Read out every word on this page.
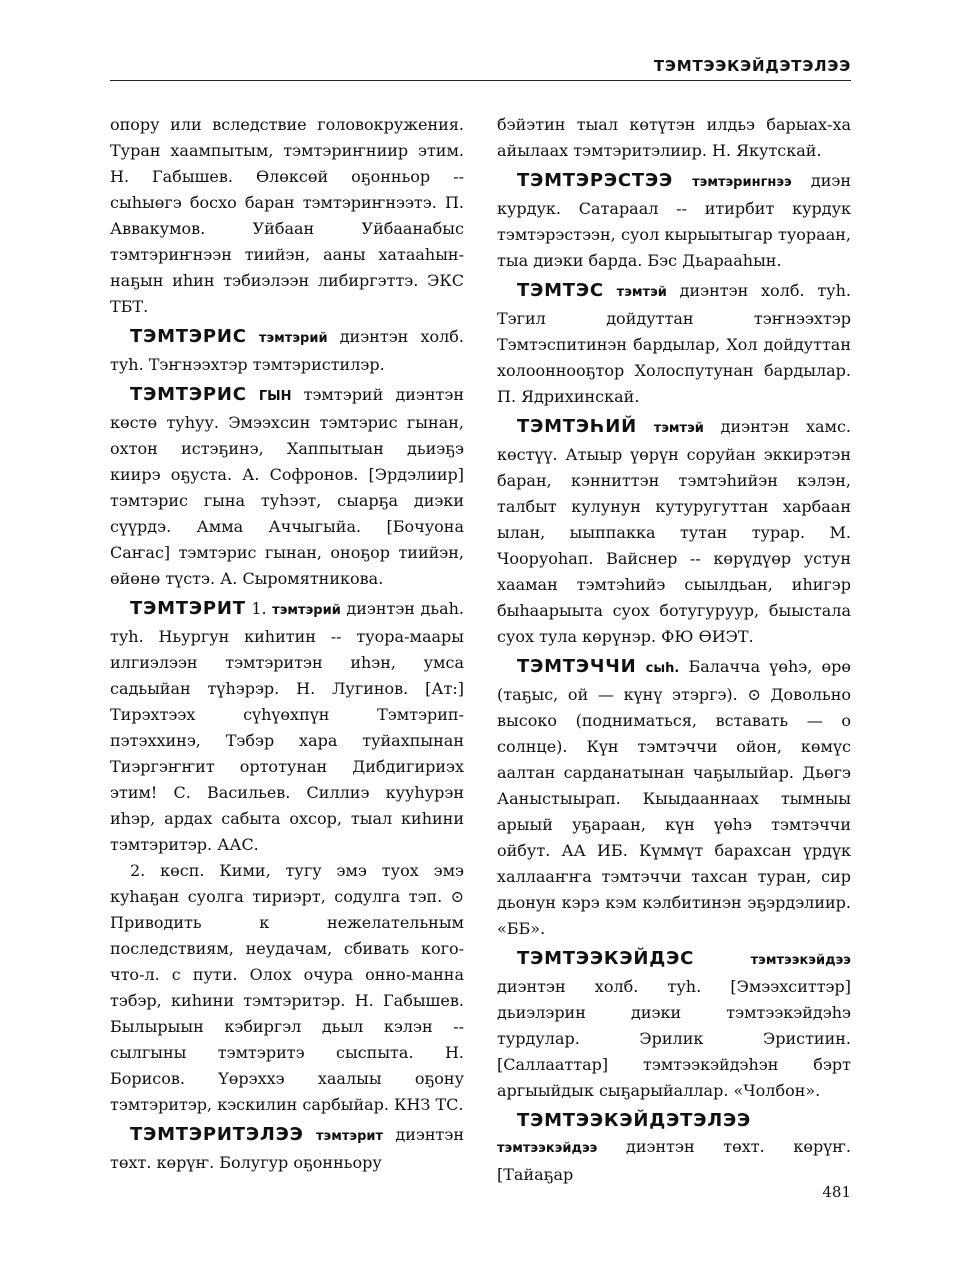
ТЭМТЭЭКЭЙДЭТЭЛЭЭ

опору или вследствие головокружения. Туран хаампытым, тэмтэриҥниир этим. Н. Габышев. Өлөксөй оҕонньор -- сыһыөгэ босхо баран тэмтэриҥнээтэ. П. Аввакумов. Уйбаан Уйбаанабыс тэмтэриҥнээн тиийэн, ааны хатааһын-наҕын иһин тэбиэлээн либиргэттэ. ЭКС ТБТ.

ТЭМТЭРИС тэмтэрий диэнтэн холб. туһ. Тэҥнээхтэр тэмтэристилэр.

ТЭМТЭРИС ГЫН тэмтэрий диэнтэн көстө туһуу. Эмээхсин тэмтэрис гынан, охтон истэҕинэ, Хаппытыан дьиэҕэ киирэ оҕуста. А. Софронов. [Эрдэлиир] тэмтэрис гына туһээт, сыарҕа диэки сүүрдэ. Амма Аччыгыйа. [Бочуона Саҥас] тэмтэрис гынан, оноҕор тиийэн, өйөнө түстэ. А. Сыромятникова.

ТЭМТЭРИТ 1. тэмтэрий диэнтэн дьаһ. туһ. Ньургун киһитин -- туора-маары илгиэлээн тэмтэритэн иһэн, умса садьыйан түһэрэр. Н. Лугинов. [Ат:] Тирэхтээх сүһүөхпүн Тэмтэрип-пэтэххинэ, Тэбэр хара туйахпынан Тиэргэҥҥит ортотунан Дибдигириэх этим! С. Васильев. Силлиэ кууһурэн иһэр, ардах сабыта охсор, тыал киһини тэмтэритэр. ААС.

2. көсп. Кими, тугу эмэ туох эмэ куһаҕан суолга тириэрт, содулга тэп. ⊙ Приводить к нежелательным последствиям, неудачам, сбивать кого-что-л. с пути. Олох очура онно-манна тэбэр, киһини тэмтэритэр. Н. Габышев. Былырыын кэбиргэл дьыл кэлэн -- сылгыны тэмтэритэ сыспыта. Н. Борисов. Үөрэххэ хаалыы оҕону тэмтэритэр, кэскилин сарбыйар. КНЗ ТС.

ТЭМТЭРИТЭЛЭЭ тэмтэрит диэнтэн төхт. көрүҥ. Болугур оҕонньору

бэйэтин тыал көтүтэн илдьэ барыах-ха айылаах тэмтэритэлиир. Н. Якутскай.

ТЭМТЭРЭСТЭЭ тэмтэрингнээ диэн курдук. Сатараал -- итирбит курдук тэмтэрэстээн, суол кырыытыгар туораан, тыа диэки барда. Бэс Дьарааһын.

ТЭМТЭС тэмтэй диэнтэн холб. туһ. Тэгил дойдуттан тэҥнээхтэр Тэмтэспитинэн бардылар, Хол дойдуттан холооннооҕтор Холоспутунан бардылар. П. Ядрихинскай.

ТЭМТЭҺИЙ тэмтэй диэнтэн хамс. көстүү. Атыыр үөрүн соруйан эккирэтэн баран, кэнниттэн тэмтэһийэн кэлэн, талбыт кулунун кутуругуттан харбаан ылан, ыыппакка тутан турар. М. Чооруоһап. Вайснер -- көрүдүөр устун хааман тэмтэһийэ сыылдьан, иһигэр быһаарыыта суох ботугуруур, быыстала суох тула көрүнэр. ФЮ ӨИЭТ.

ТЭМТЭЧЧИ сыһ. Балачча үөһэ, өрө (таҕыс, ой — күнү этэргэ). ⊙ Довольно высоко (подниматься, вставать — о солнце). Күн тэмтэччи ойон, көмүс аалтан сарданатынан чаҕылыйар. Дьөгэ Ааныстыырап. Кыыдааннаах тымныы арыый уҕараан, күн үөһэ тэмтэччи ойбут. АА ИБ. Күммүт барахсан үрдүк халлааҥҥа тэмтэччи тахсан туран, сир дьонун кэрэ кэм кэлбитинэн эҕэрдэлиир. «ББ».

ТЭМТЭЭКЭЙДЭС	тэмтээкэйдээ диэнтэн холб. туһ. [Эмээхситтэр] дьиэлэрин диэки тэмтээкэйдэһэ турдулар. Эрилик Эристиин. [Саллааттар] тэмтээкэйдэһэн бэрт аргыыйдык сыҕарыйаллар. «Чолбон».

ТЭМТЭЭКЭЙДЭТЭЛЭЭ тэмтээкэйдээ диэнтэн төхт. көрүҥ. [Тайаҕар

481
